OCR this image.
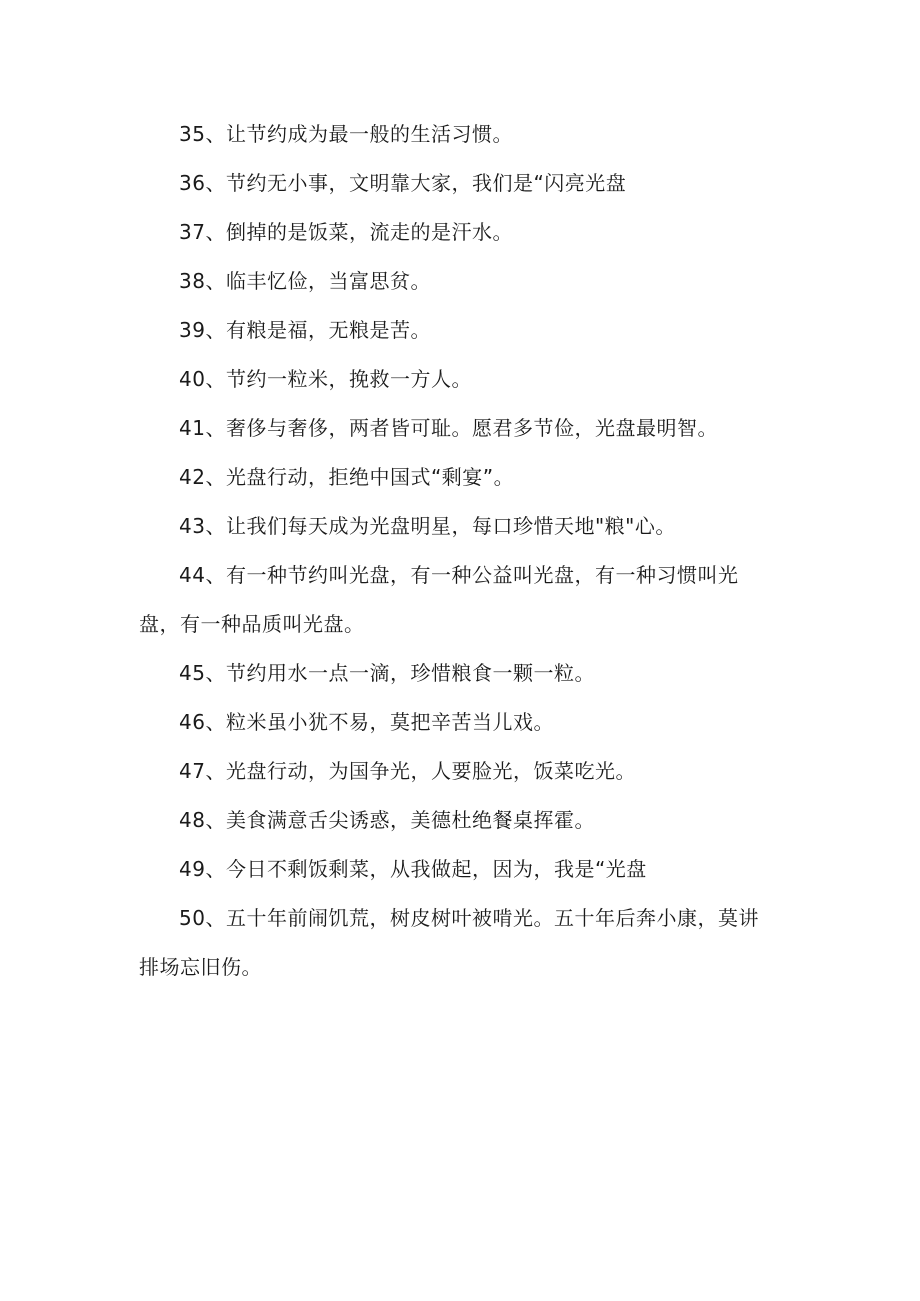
35、让节约成为最一般的生活习惯。

36、节约无小事，文明靠大家，我们是“闪亮光盘

37、倒掉的是饭菜，流走的是汗水。

38、临丰忆俭，当富思贫。

39、有粮是福，无粮是苦。

40、节约一粒米，挽救一方人。

41、奢侈与奢侈，两者皆可耻。愿君多节俭，光盘最明智。

42、光盘行动，拒绝中国式“剩宴”。

43、让我们每天成为光盘明星，每口珍惜天地"粮"心。

44、有一种节约叫光盘，有一种公益叫光盘，有一种习惯叫光盘，有一种品质叫光盘。

45、节约用水一点一滴，珍惜粮食一颗一粒。

46、粒米虽小犹不易，莫把辛苦当儿戏。

47、光盘行动，为国争光，人要脸光，饭菜吃光。

48、美食满意舌尖诱惑，美德杜绝餐桌挥霍。

49、今日不剩饭剩菜，从我做起，因为，我是“光盘

50、五十年前闹饥荒，树皮树叶被啃光。五十年后奔小康，莫讲

排场忘旧伤。
